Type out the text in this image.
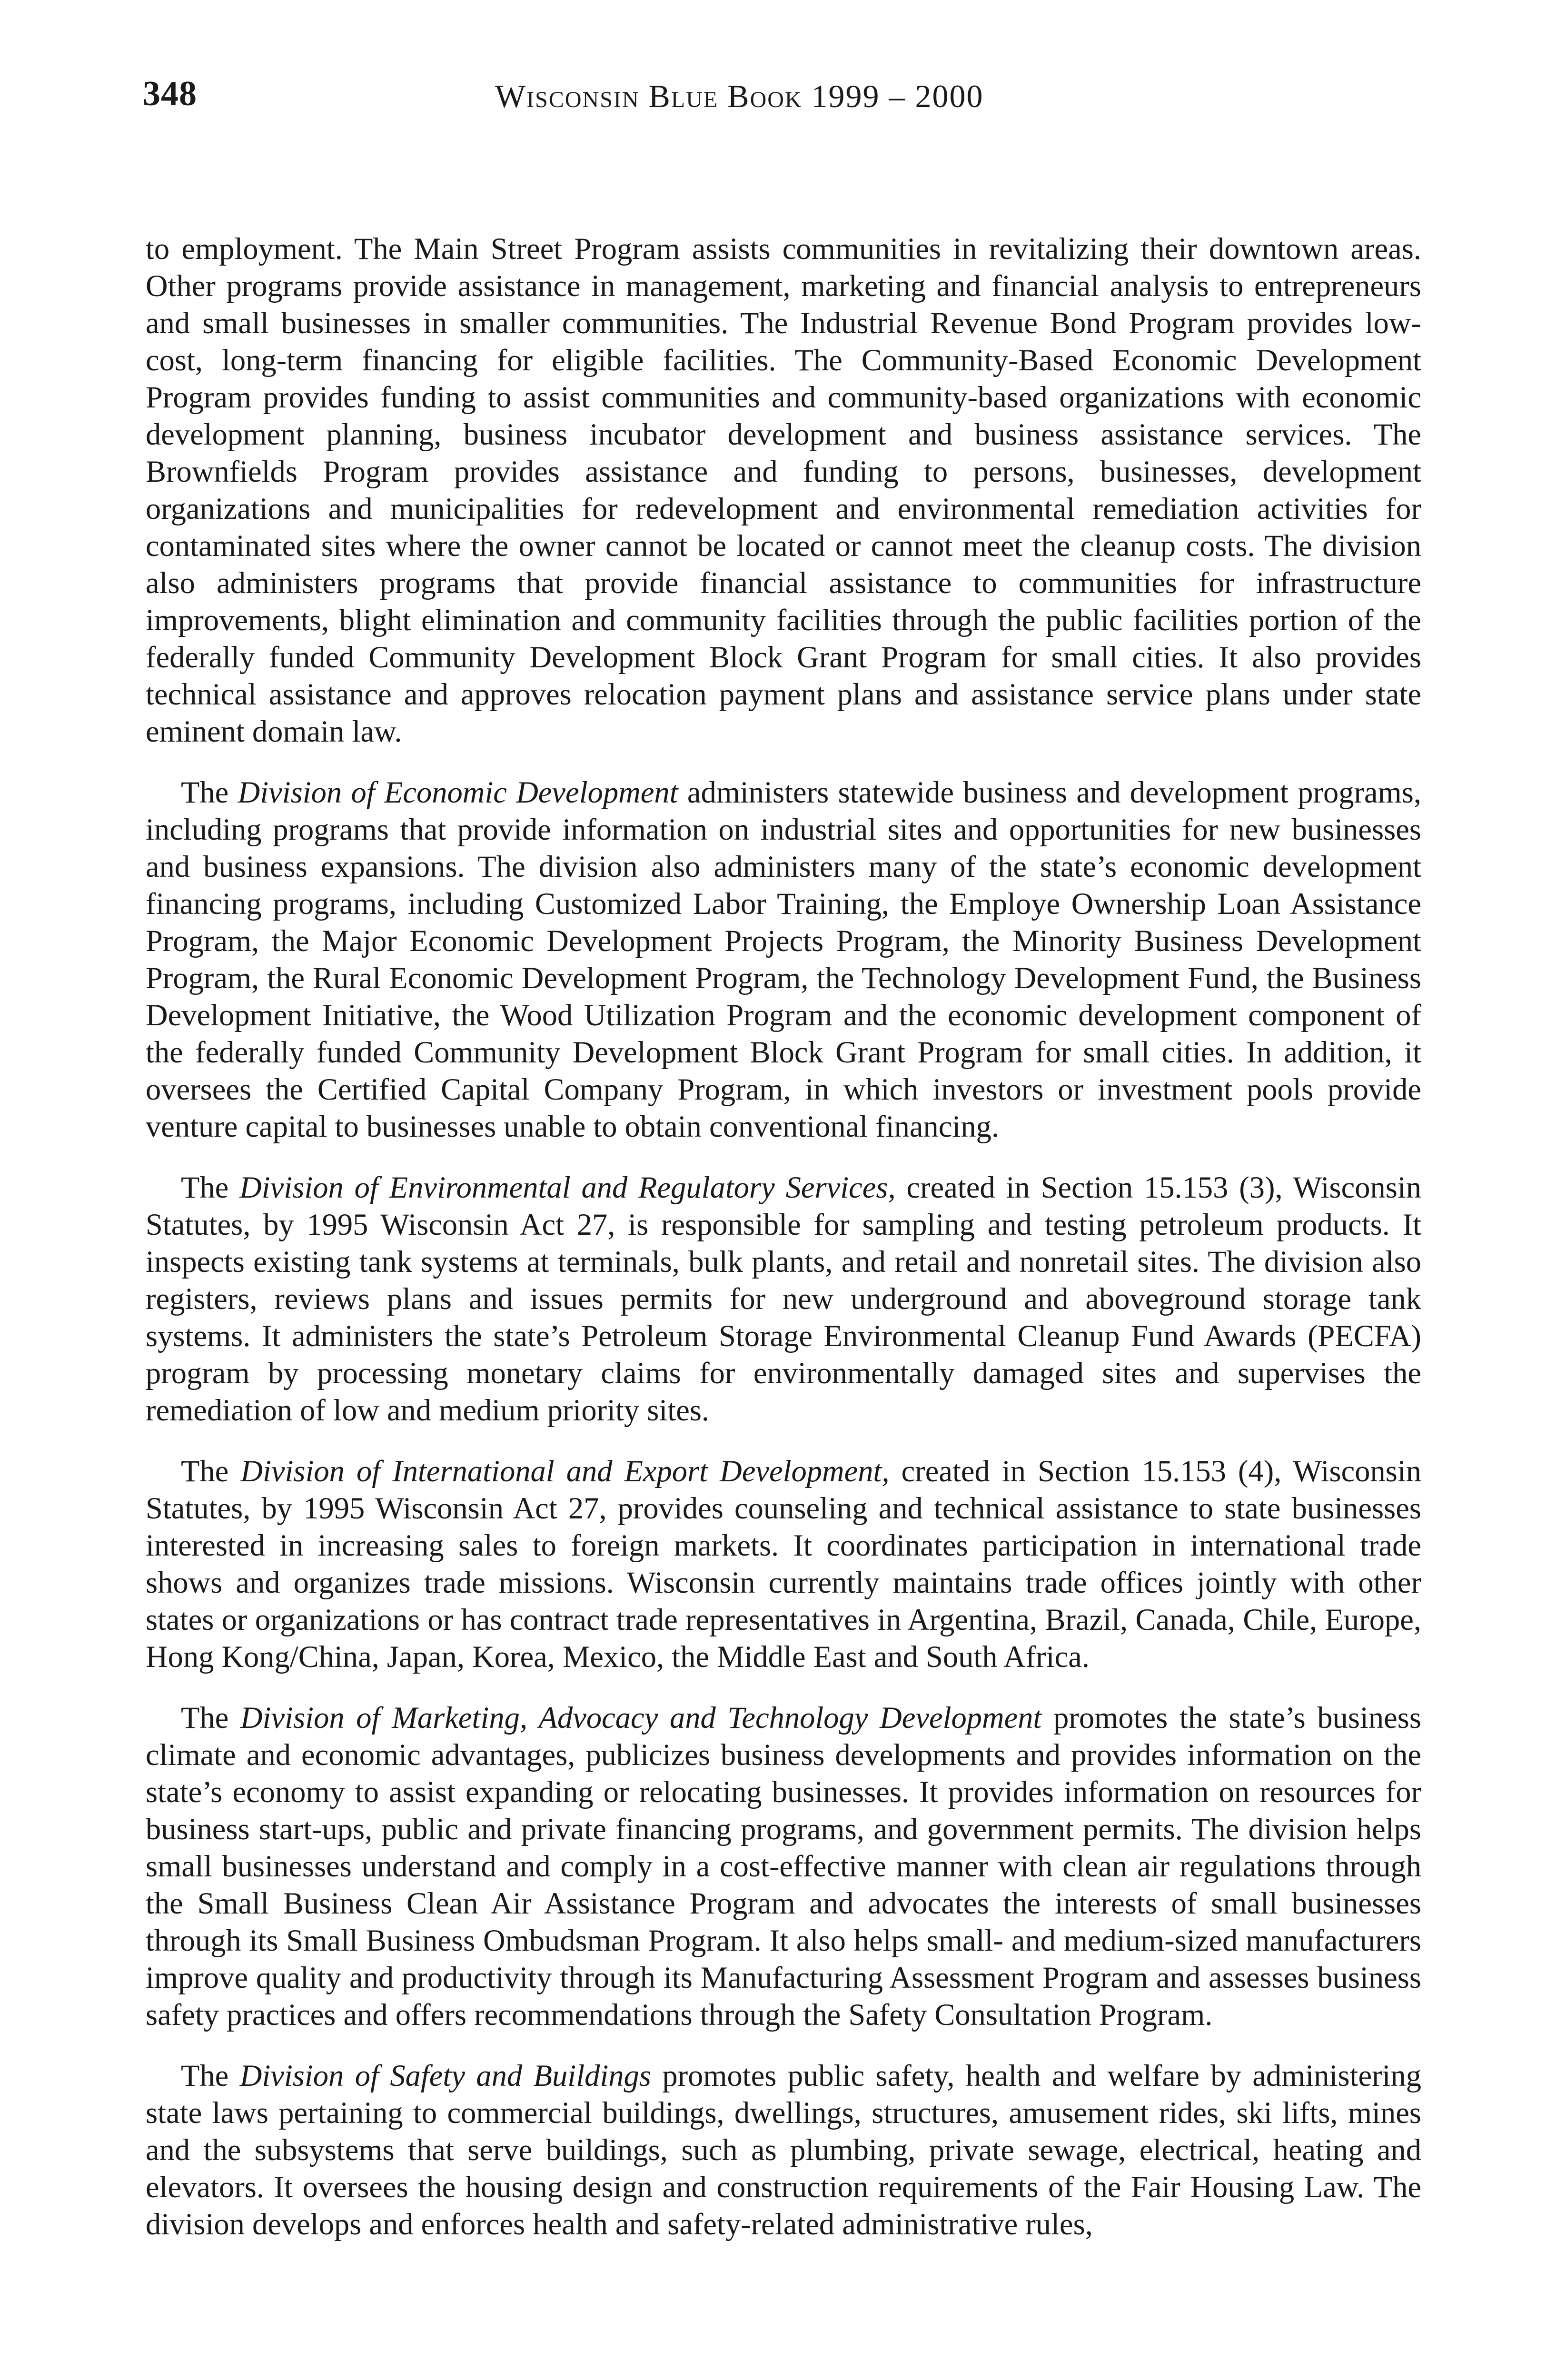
348	Wisconsin Blue Book 1999 – 2000

to employment. The Main Street Program assists communities in revitalizing their downtown areas. Other programs provide assistance in management, marketing and financial analysis to entrepreneurs and small businesses in smaller communities. The Industrial Revenue Bond Program provides low-cost, long-term financing for eligible facilities. The Community-Based Economic Development Program provides funding to assist communities and community-based organizations with economic development planning, business incubator development and business assistance services. The Brownfields Program provides assistance and funding to persons, businesses, development organizations and municipalities for redevelopment and environmental remediation activities for contaminated sites where the owner cannot be located or cannot meet the cleanup costs. The division also administers programs that provide financial assistance to communities for infrastructure improvements, blight elimination and community facilities through the public facilities portion of the federally funded Community Development Block Grant Program for small cities. It also provides technical assistance and approves relocation payment plans and assistance service plans under state eminent domain law.

The Division of Economic Development administers statewide business and development programs, including programs that provide information on industrial sites and opportunities for new businesses and business expansions. The division also administers many of the state’s economic development financing programs, including Customized Labor Training, the Employe Ownership Loan Assistance Program, the Major Economic Development Projects Program, the Minority Business Development Program, the Rural Economic Development Program, the Technology Development Fund, the Business Development Initiative, the Wood Utilization Program and the economic development component of the federally funded Community Development Block Grant Program for small cities. In addition, it oversees the Certified Capital Company Program, in which investors or investment pools provide venture capital to businesses unable to obtain conventional financing.

The Division of Environmental and Regulatory Services, created in Section 15.153 (3), Wisconsin Statutes, by 1995 Wisconsin Act 27, is responsible for sampling and testing petroleum products. It inspects existing tank systems at terminals, bulk plants, and retail and nonretail sites. The division also registers, reviews plans and issues permits for new underground and aboveground storage tank systems. It administers the state’s Petroleum Storage Environmental Cleanup Fund Awards (PECFA) program by processing monetary claims for environmentally damaged sites and supervises the remediation of low and medium priority sites.

The Division of International and Export Development, created in Section 15.153 (4), Wisconsin Statutes, by 1995 Wisconsin Act 27, provides counseling and technical assistance to state businesses interested in increasing sales to foreign markets. It coordinates participation in international trade shows and organizes trade missions. Wisconsin currently maintains trade offices jointly with other states or organizations or has contract trade representatives in Argentina, Brazil, Canada, Chile, Europe, Hong Kong/China, Japan, Korea, Mexico, the Middle East and South Africa.

The Division of Marketing, Advocacy and Technology Development promotes the state’s business climate and economic advantages, publicizes business developments and provides information on the state’s economy to assist expanding or relocating businesses. It provides information on resources for business start-ups, public and private financing programs, and government permits. The division helps small businesses understand and comply in a cost-effective manner with clean air regulations through the Small Business Clean Air Assistance Program and advocates the interests of small businesses through its Small Business Ombudsman Program. It also helps small- and medium-sized manufacturers improve quality and productivity through its Manufacturing Assessment Program and assesses business safety practices and offers recommendations through the Safety Consultation Program.

The Division of Safety and Buildings promotes public safety, health and welfare by administering state laws pertaining to commercial buildings, dwellings, structures, amusement rides, ski lifts, mines and the subsystems that serve buildings, such as plumbing, private sewage, electrical, heating and elevators. It oversees the housing design and construction requirements of the Fair Housing Law. The division develops and enforces health and safety-related administrative rules,
